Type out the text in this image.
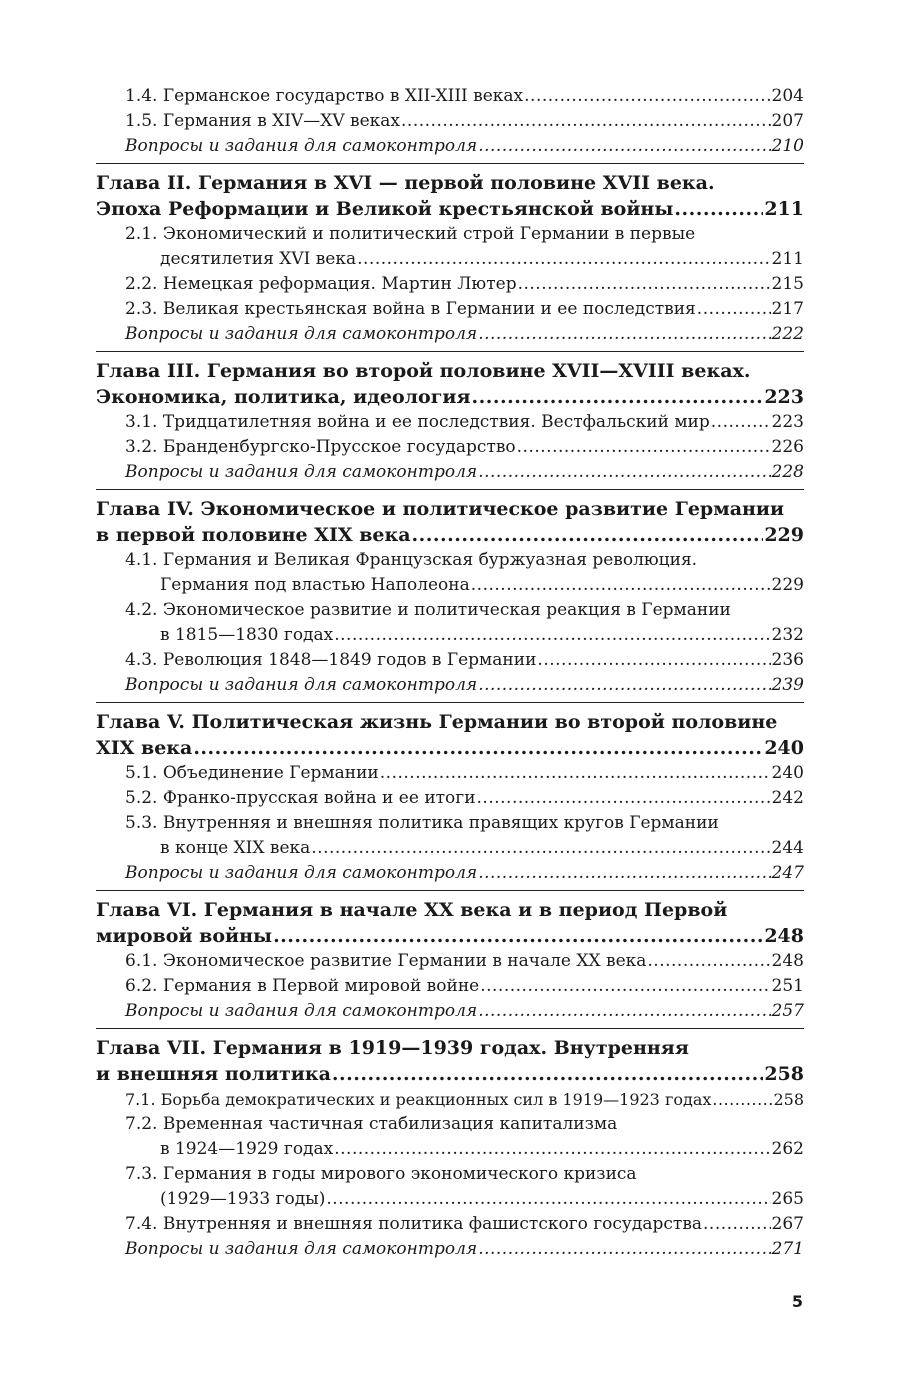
1.4. Германское государство в XII-XIII веках .....	204
1.5. Германия в XIV—XV веках .....	207
Вопросы и задания для самоконтроля .....	210
Глава II. Германия в XVI — первой половине XVII века.
Эпоха Реформации и Великой крестьянской войны .....	211
2.1. Экономический и политический строй Германии в первые
десятилетия XVI века .....	211
2.2. Немецкая реформация. Мартин Лютер .....	215
2.3. Великая крестьянская война в Германии и ее последствия .....	217
Вопросы и задания для самоконтроля .....	222
Глава III. Германия во второй половине XVII—XVIII веках.
Экономика, политика, идеология .....	223
3.1. Тридцатилетняя война и ее последствия. Вестфальский мир .....	223
3.2. Бранденбургско-Прусское государство .....	226
Вопросы и задания для самоконтроля .....	228
Глава IV. Экономическое и политическое развитие Германии
в первой половине XIX века .....	229
4.1. Германия и Великая Французская буржуазная революция.
Германия под властью Наполеона .....	229
4.2. Экономическое развитие и политическая реакция в Германии
в 1815—1830 годах .....	232
4.3. Революция 1848—1849 годов в Германии .....	236
Вопросы и задания для самоконтроля .....	239
Глава V. Политическая жизнь Германии во второй половине
XIX века .....	240
5.1. Объединение Германии .....	240
5.2. Франко-прусская война и ее итоги .....	242
5.3. Внутренняя и внешняя политика правящих кругов Германии
в конце XIX века .....	244
Вопросы и задания для самоконтроля .....	247
Глава VI. Германия в начале XX века и в период Первой
мировой войны .....	248
6.1. Экономическое развитие Германии в начале XX века .....	248
6.2. Германия в Первой мировой войне .....	251
Вопросы и задания для самоконтроля .....	257
Глава VII. Германия в 1919—1939 годах. Внутренняя
и внешняя политика .....	258
7.1. Борьба демократических и реакционных сил в 1919—1923 годах .....	258
7.2. Временная частичная стабилизация капитализма
в 1924—1929 годах .....	262
7.3. Германия в годы мирового экономического кризиса
(1929—1933 годы) .....	265
7.4. Внутренняя и внешняя политика фашистского государства .....	267
Вопросы и задания для самоконтроля .....	271
5
